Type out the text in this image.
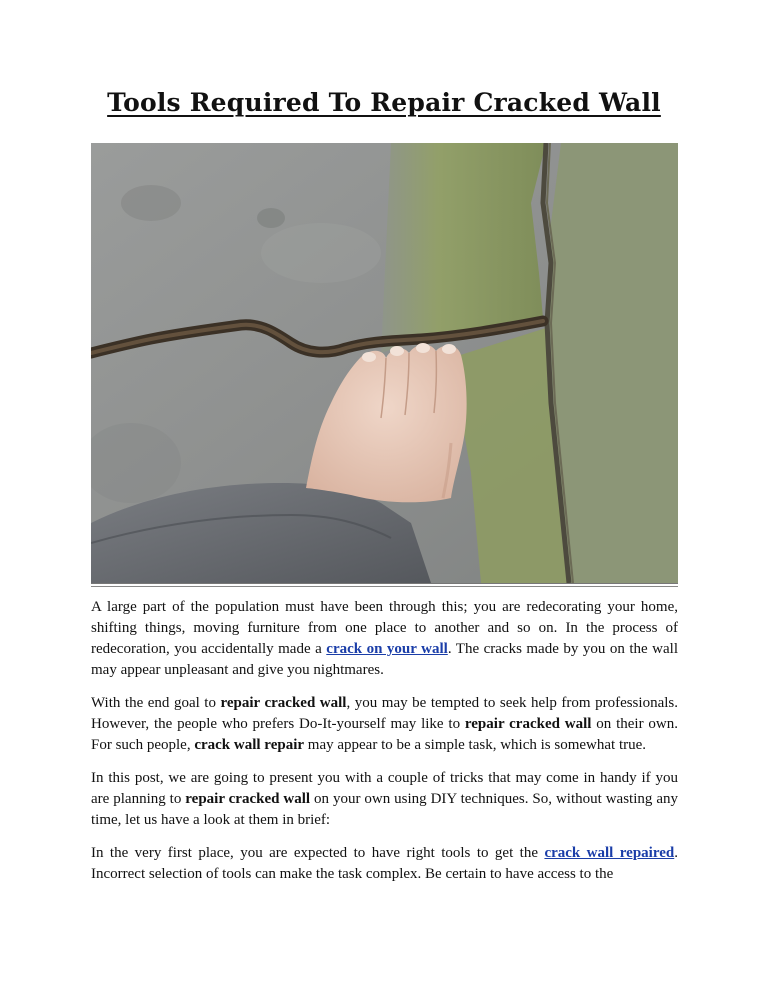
Tools Required To Repair Cracked Wall

A large part of the population must have been through this; you are redecorating your home, shifting things, moving furniture from one place to another and so on. In the process of redecoration, you accidentally made a crack on your wall. The cracks made by you on the wall may appear unpleasant and give you nightmares.

With the end goal to repair cracked wall, you may be tempted to seek help from professionals. However, the people who prefers Do-It-yourself may like to repair cracked wall on their own. For such people, crack wall repair may appear to be a simple task, which is somewhat true.

In this post, we are going to present you with a couple of tricks that may come in handy if you are planning to repair cracked wall on your own using DIY techniques. So, without wasting any time, let us have a look at them in brief:

In the very first place, you are expected to have right tools to get the crack wall repaired. Incorrect selection of tools can make the task complex. Be certain to have access to the
